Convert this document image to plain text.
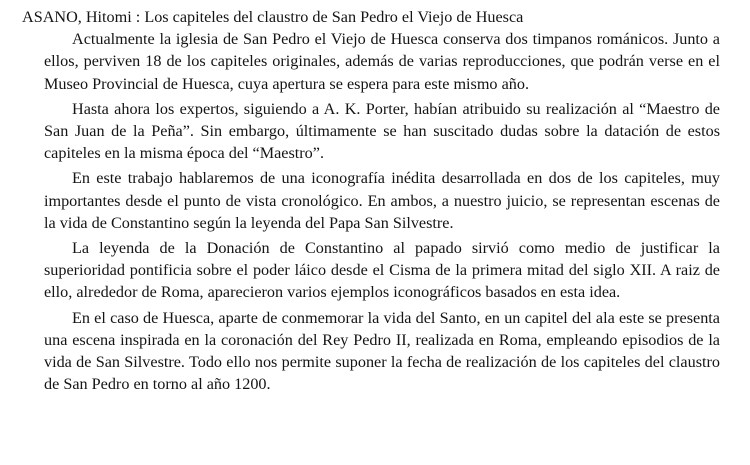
ASANO, Hitomi : Los capiteles del claustro de San Pedro el Viejo de Huesca

Actualmente la iglesia de San Pedro el Viejo de Huesca conserva dos timpanos románicos. Junto a ellos, perviven 18 de los capiteles originales, además de varias reproducciones, que podrán verse en el Museo Provincial de Huesca, cuya apertura se espera para este mismo año.

Hasta ahora los expertos, siguiendo a A. K. Porter, habían atribuido su realización al “Maestro de San Juan de la Peña”. Sin embargo, últimamente se han suscitado dudas sobre la datación de estos capiteles en la misma época del “Maestro”.

En este trabajo hablaremos de una iconografía inédita desarrollada en dos de los capiteles, muy importantes desde el punto de vista cronológico. En ambos, a nuestro juicio, se representan escenas de la vida de Constantino según la leyenda del Papa San Silvestre.

La leyenda de la Donación de Constantino al papado sirvió como medio de justificar la superioridad pontificia sobre el poder láico desde el Cisma de la primera mitad del siglo XII. A raiz de ello, alrededor de Roma, aparecieron varios ejemplos iconográficos basados en esta idea.

En el caso de Huesca, aparte de conmemorar la vida del Santo, en un capitel del ala este se presenta una escena inspirada en la coronación del Rey Pedro II, realizada en Roma, empleando episodios de la vida de San Silvestre. Todo ello nos permite suponer la fecha de realización de los capiteles del claustro de San Pedro en torno al año 1200.
